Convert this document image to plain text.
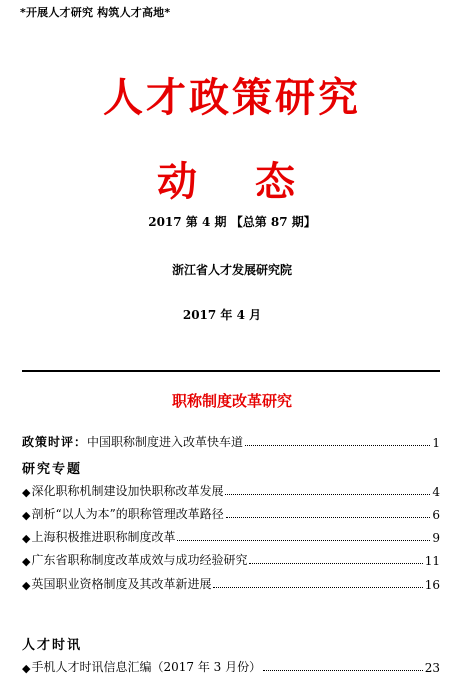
*开展人才研究 构筑人才高地*
人才政策研究
动 态
2017 第 4 期 【总第 87 期】
浙江省人才发展研究院
2017 年 4 月
职称制度改革研究
政策时评： 中国职称制度进入改革快车道	1
研究专题
◆ 深化职称机制建设加快职称改革发展	4
◆ 剖析“以人为本”的职称管理改革路径	6
◆ 上海积极推进职称制度改革	9
◆ 广东省职称制度改革成效与成功经验研究	11
◆ 英国职业资格制度及其改革新进展	16
人才时讯
◆ 手机人才时讯信息汇编（2017 年 3 月份）	23
